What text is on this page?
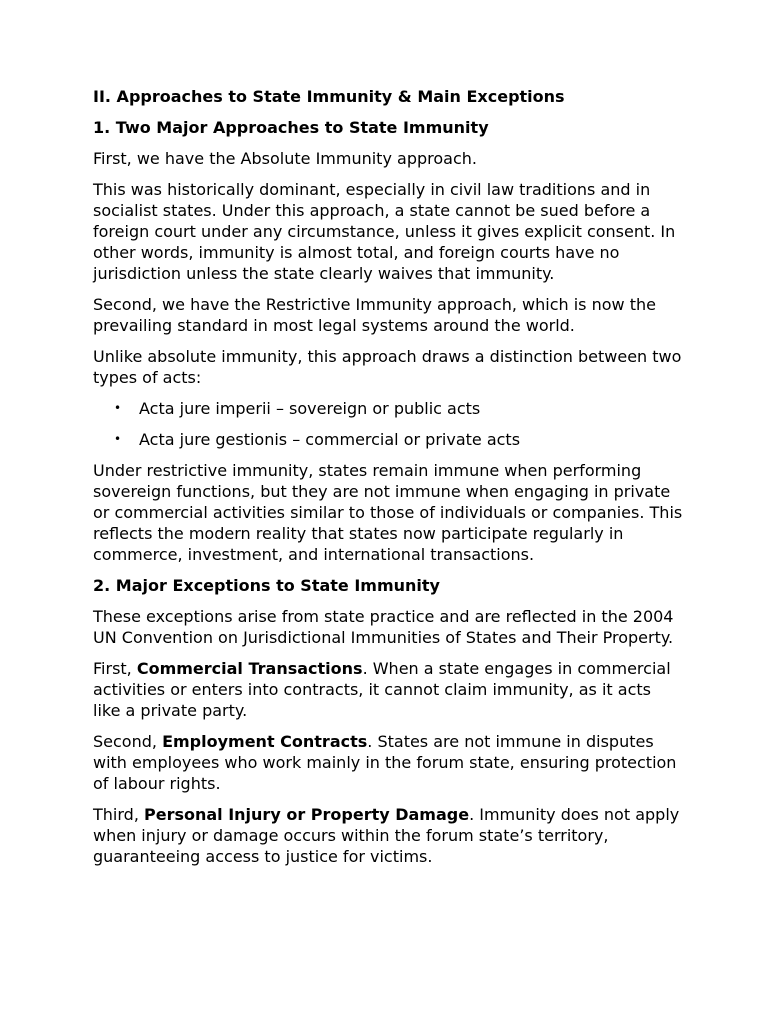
II. Approaches to State Immunity & Main Exceptions
1. Two Major Approaches to State Immunity

First, we have the Absolute Immunity approach.

This was historically dominant, especially in civil law traditions and in socialist states. Under this approach, a state cannot be sued before a foreign court under any circumstance, unless it gives explicit consent. In other words, immunity is almost total, and foreign courts have no jurisdiction unless the state clearly waives that immunity.

Second, we have the Restrictive Immunity approach, which is now the prevailing standard in most legal systems around the world.

Unlike absolute immunity, this approach draws a distinction between two types of acts:

• Acta jure imperii – sovereign or public acts
• Acta jure gestionis – commercial or private acts

Under restrictive immunity, states remain immune when performing sovereign functions, but they are not immune when engaging in private or commercial activities similar to those of individuals or companies. This reflects the modern reality that states now participate regularly in commerce, investment, and international transactions.

2. Major Exceptions to State Immunity

These exceptions arise from state practice and are reflected in the 2004 UN Convention on Jurisdictional Immunities of States and Their Property.

First, Commercial Transactions. When a state engages in commercial activities or enters into contracts, it cannot claim immunity, as it acts like a private party.

Second, Employment Contracts. States are not immune in disputes with employees who work mainly in the forum state, ensuring protection of labour rights.

Third, Personal Injury or Property Damage. Immunity does not apply when injury or damage occurs within the forum state’s territory, guaranteeing access to justice for victims.
